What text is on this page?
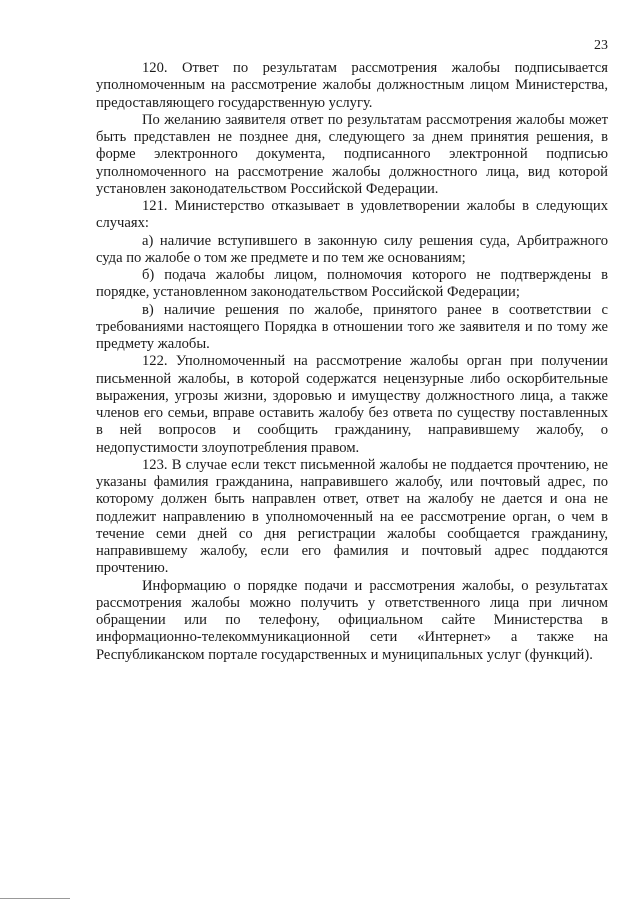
23

120. Ответ по результатам рассмотрения жалобы подписывается уполномоченным на рассмотрение жалобы должностным лицом Министерства, предоставляющего государственную услугу.

По желанию заявителя ответ по результатам рассмотрения жалобы может быть представлен не позднее дня, следующего за днем принятия решения, в форме электронного документа, подписанного электронной подписью уполномоченного на рассмотрение жалобы должностного лица, вид которой установлен законодательством Российской Федерации.

121. Министерство отказывает в удовлетворении жалобы в следующих случаях:

а) наличие вступившего в законную силу решения суда, Арбитражного суда по жалобе о том же предмете и по тем же основаниям;

б) подача жалобы лицом, полномочия которого не подтверждены в порядке, установленном законодательством Российской Федерации;

в) наличие решения по жалобе, принятого ранее в соответствии с требованиями настоящего Порядка в отношении того же заявителя и по тому же предмету жалобы.

122. Уполномоченный на рассмотрение жалобы орган при получении письменной жалобы, в которой содержатся нецензурные либо оскорбительные выражения, угрозы жизни, здоровью и имуществу должностного лица, а также членов его семьи, вправе оставить жалобу без ответа по существу поставленных в ней вопросов и сообщить гражданину, направившему жалобу, о недопустимости злоупотребления правом.

123. В случае если текст письменной жалобы не поддается прочтению, не указаны фамилия гражданина, направившего жалобу, или почтовый адрес, по которому должен быть направлен ответ, ответ на жалобу не дается и она не подлежит направлению в уполномоченный на ее рассмотрение орган, о чем в течение семи дней со дня регистрации жалобы сообщается гражданину, направившему жалобу, если его фамилия и почтовый адрес поддаются прочтению.

Информацию о порядке подачи и рассмотрения жалобы, о результатах рассмотрения жалобы можно получить у ответственного лица при личном обращении или по телефону, официальном сайте Министерства в информационно-телекоммуникационной сети «Интернет» а также на Республиканском портале государственных и муниципальных услуг (функций).
